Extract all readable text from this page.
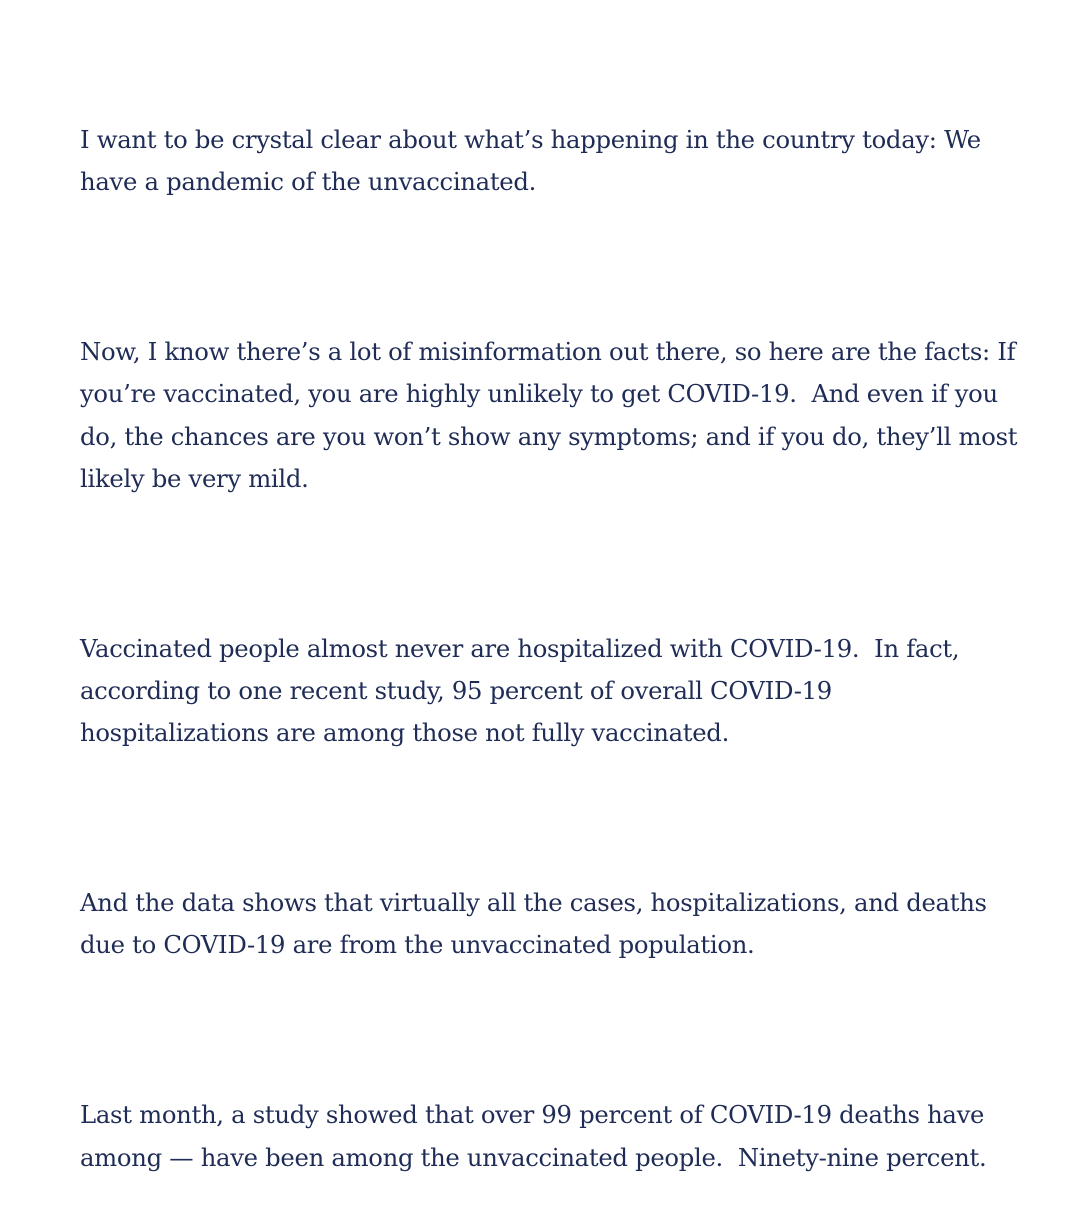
I want to be crystal clear about what’s happening in the country today: We have a pandemic of the unvaccinated.

Now, I know there’s a lot of misinformation out there, so here are the facts: If you’re vaccinated, you are highly unlikely to get COVID-19.  And even if you do, the chances are you won’t show any symptoms; and if you do, they’ll most likely be very mild.

Vaccinated people almost never are hospitalized with COVID-19.  In fact, according to one recent study, 95 percent of overall COVID-19 hospitalizations are among those not fully vaccinated.

And the data shows that virtually all the cases, hospitalizations, and deaths due to COVID-19 are from the unvaccinated population.

Last month, a study showed that over 99 percent of COVID-19 deaths have among — have been among the unvaccinated people.  Ninety-nine percent.
